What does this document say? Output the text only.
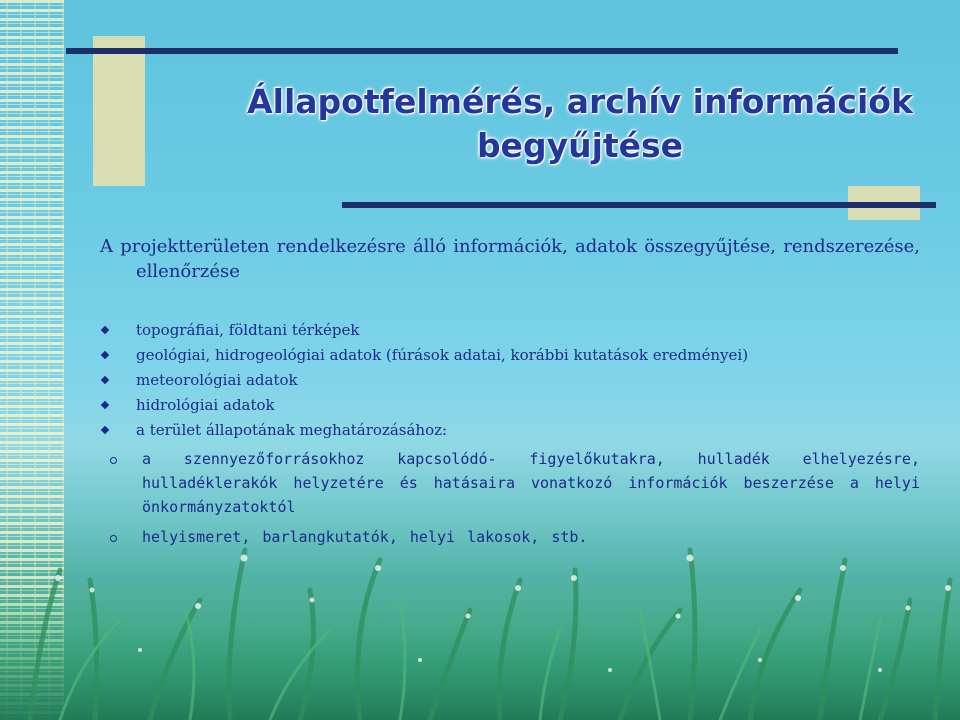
Állapotfelmérés, archív információk
begyűjtése

A projektterületen rendelkezésre álló információk, adatok összegyűjtése, rendszerezése, ellenőrzése

topográfiai, földtani térképek
geológiai, hidrogeológiai adatok (fúrások adatai, korábbi kutatások eredményei)
meteorológiai adatok
hidrológiai adatok
a terület állapotának meghatározásához:
a szennyezőforrásokhoz kapcsolódó- figyelőkutakra, hulladék elhelyezésre, hulladéklerakók helyzetére és hatásaira vonatkozó információk beszerzése a helyi önkormányzatoktól
helyismeret, barlangkutatók, helyi lakosok, stb.
